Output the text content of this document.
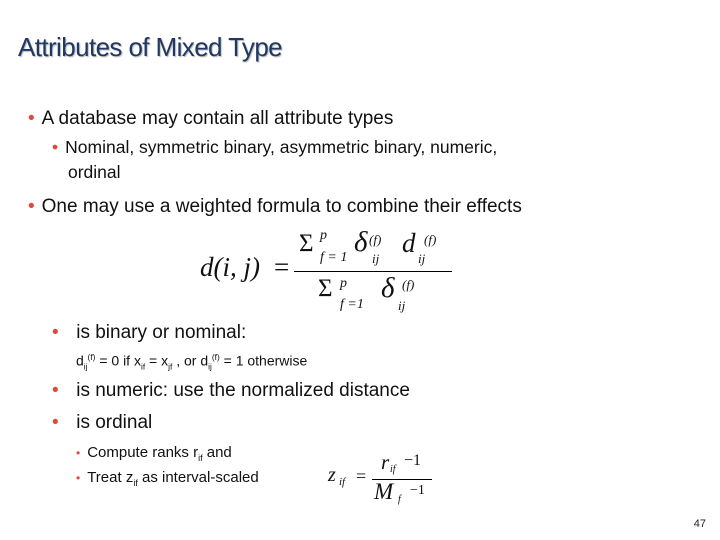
Attributes of Mixed Type
• A database may contain all attribute types
• Nominal, symmetric binary, asymmetric binary, numeric,
ordinal
• One may use a weighted formula to combine their effects
d(i, j) =
Σ p
f = 1 δ (f)
ij
d (f)
ij
Σ p
f =1
δ (f)
ij
• is binary or nominal:
$d_{ij}^{(f)} = 0$ if $x_{if} = x_{jf}$ , or $d_{ij}^{(f)} = 1$ otherwise
• is numeric: use the normalized distance
• is ordinal
• Compute ranks $r_{if}$ and
• Treat $z_{if}$ as interval-scaled	z if =
r if
−1
M f
−1
47
